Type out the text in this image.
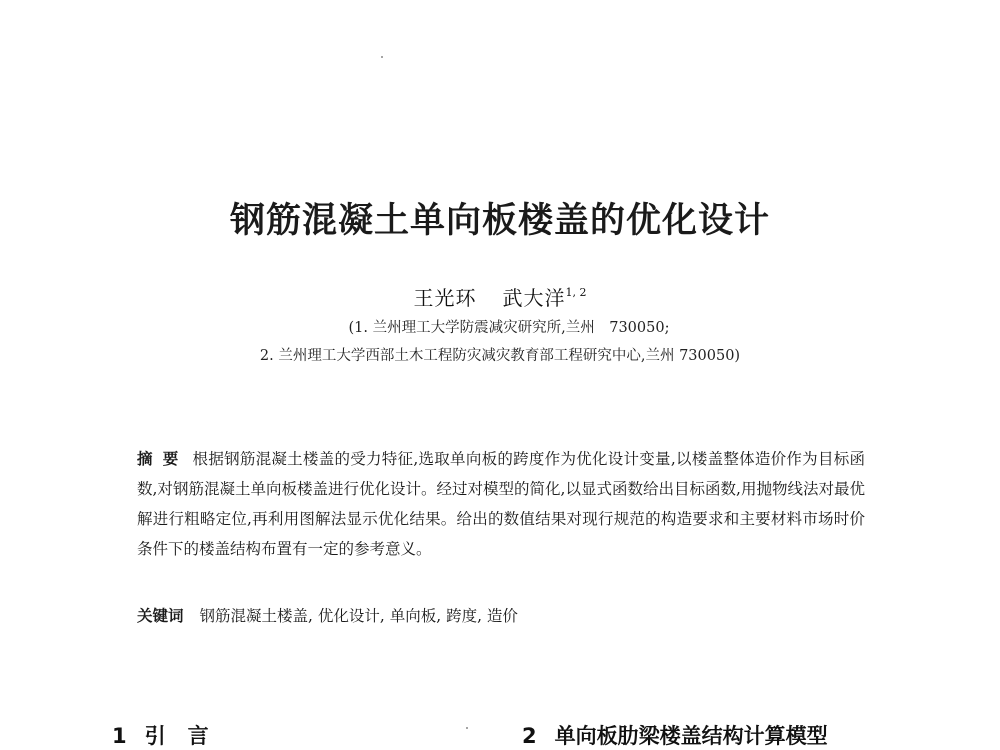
钢筋混凝土单向板楼盖的优化设计
王光环 武大洋$^{1, 2}$
(1. 兰州理工大学防震减灾研究所,兰州　730050;
2. 兰州理工大学西部土木工程防灾减灾教育部工程研究中心,兰州 730050)
摘要 根据钢筋混凝土楼盖的受力特征,选取单向板的跨度作为优化设计变量,以楼盖整体造价作为目标函数,对钢筋混凝土单向板楼盖进行优化设计。经过对模型的简化,以显式函数给出目标函数,用抛物线法对最优解进行粗略定位,再利用图解法显示优化结果。给出的数值结果对现行规范的构造要求和主要材料市场时价条件下的楼盖结构布置有一定的参考意义。
关键词 钢筋混凝土楼盖, 优化设计, 单向板, 跨度, 造价
1 引言	2 单向板肋梁楼盖结构计算模型
